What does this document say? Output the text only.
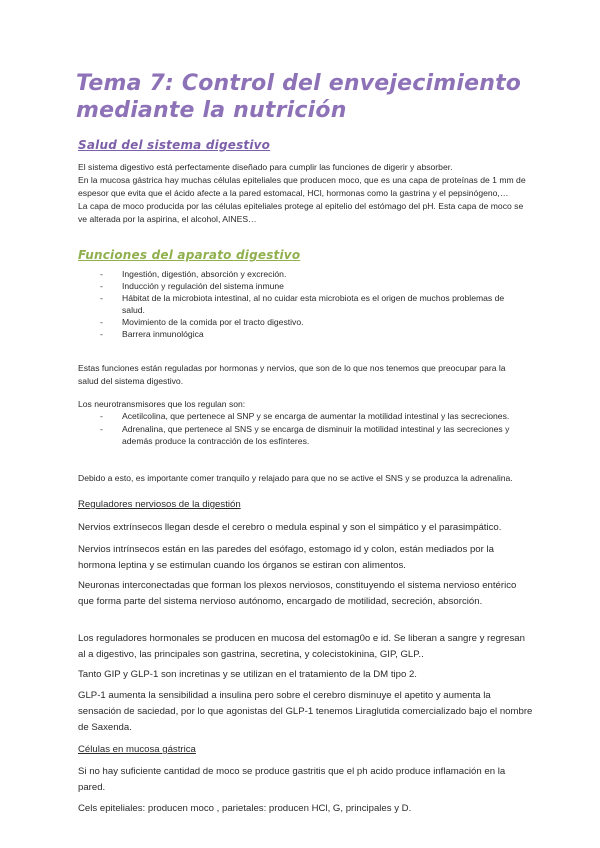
Tema 7: Control del envejecimiento mediante la nutrición
Salud del sistema digestivo

El sistema digestivo está perfectamente diseñado para cumplir las funciones de digerir y absorber.

En la mucosa gástrica hay muchas células epiteliales que producen moco, que es una capa de proteínas de 1 mm de espesor que evita que el ácido afecte a la pared estomacal, HCl, hormonas como la gastrina y el pepsinógeno,…

La capa de moco producida por las células epiteliales protege al epitelio del estómago del pH. Esta capa de moco se ve alterada por la aspirina, el alcohol, AINES…

Funciones del aparato digestivo
- Ingestión, digestión, absorción y excreción.
- Inducción y regulación del sistema inmune
- Hábitat de la microbiota intestinal, al no cuidar esta microbiota es el origen de muchos problemas de salud.
- Movimiento de la comida por el tracto digestivo.
- Barrera inmunológica

Estas funciones están reguladas por hormonas y nervios, que son de lo que nos tenemos que preocupar para la salud del sistema digestivo.

Los neurotransmisores que los regulan son:

- Acetilcolina, que pertenece al SNP y se encarga de aumentar la motilidad intestinal y las secreciones.
- Adrenalina, que pertenece al SNS y se encarga de disminuir la motilidad intestinal y las secreciones y además produce la contracción de los esfínteres.

Debido a esto, es importante comer tranquilo y relajado para que no se active el SNS y se produzca la adrenalina.

Reguladores nerviosos de la digestión

Nervios extrínsecos llegan desde el cerebro o medula espinal y son el simpático y el parasimpático.

Nervios intrínsecos están en las paredes del esófago, estomago id y colon, están mediados por la hormona leptina y se estimulan cuando los órganos se estiran con alimentos.

Neuronas interconectadas que forman los plexos nerviosos, constituyendo el sistema nervioso entérico que forma parte del sistema nervioso autónomo, encargado de motilidad, secreción, absorción.

Los reguladores hormonales se producen en mucosa del estomag0o e id. Se liberan a sangre y regresan al a digestivo, las principales son gastrina, secretina, y colecistokinina, GIP, GLP..

Tanto GIP y GLP-1 son incretinas y se utilizan en el tratamiento de la DM tipo 2.

GLP-1 aumenta la sensibilidad a insulina pero sobre el cerebro disminuye el apetito y aumenta la sensación de saciedad, por lo que agonistas del GLP-1 tenemos Liraglutida comercializado bajo el nombre de Saxenda.

Células en mucosa gástrica

Si no hay suficiente cantidad de moco se produce gastritis que el ph acido produce inflamación en la pared.

Cels epiteliales: producen moco , parietales: producen HCl, G, principales y D.
